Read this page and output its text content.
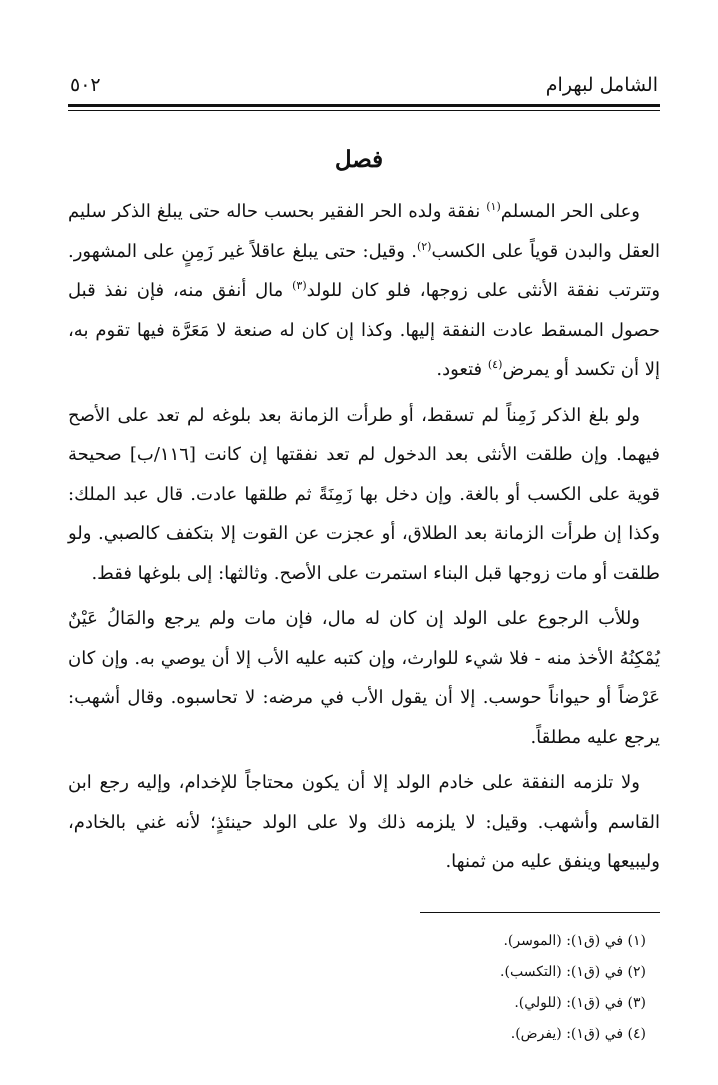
الشامل لبهرام
٥٠٢
فصل

وعلى الحر المسلم$^{(١)}$ نفقة ولده الحر الفقير بحسب حاله حتى يبلغ الذكر سليم العقل والبدن قوياً على الكسب$^{(٢)}$. وقيل: حتى يبلغ عاقلاً غير زَمِنٍ على المشهور. وتترتب نفقة الأنثى على زوجها، فلو كان للولد$^{(٣)}$ مال أنفق منه، فإن نفذ قبل حصول المسقط عادت النفقة إليها. وكذا إن كان له صنعة لا مَعَرَّة فيها تقوم به، إلا أن تكسد أو يمرض$^{(٤)}$ فتعود.

ولو بلغ الذكر زَمِناً لم تسقط، أو طرأت الزمانة بعد بلوغه لم تعد على الأصح فيهما. وإن طلقت الأنثى بعد الدخول لم تعد نفقتها إن كانت [١١٦/ب] صحيحة قوية على الكسب أو بالغة. وإن دخل بها زَمِنَةً ثم طلقها عادت. قال عبد الملك: وكذا إن طرأت الزمانة بعد الطلاق، أو عجزت عن القوت إلا بتكفف كالصبي. ولو طلقت أو مات زوجها قبل البناء استمرت على الأصح. وثالثها: إلى بلوغها فقط.

وللأب الرجوع على الولد إن كان له مال، فإن مات ولم يرجع والمَالُ عَيْنٌ يُمْكِنُهُ الأخذ منه - فلا شيء للوارث، وإن كتبه عليه الأب إلا أن يوصي به. وإن كان عَرْضاً أو حيواناً حوسب. إلا أن يقول الأب في مرضه: لا تحاسبوه. وقال أشهب: يرجع عليه مطلقاً.

ولا تلزمه النفقة على خادم الولد إلا أن يكون محتاجاً للإخدام، وإليه رجع ابن القاسم وأشهب. وقيل: لا يلزمه ذلك ولا على الولد حينئذٍ؛ لأنه غني بالخادم، وليبيعها وينفق عليه من ثمنها.

(١) في (ق١): (الموسر).
(٢) في (ق١): (التكسب).
(٣) في (ق١): (للولي).
(٤) في (ق١): (يفرض).
